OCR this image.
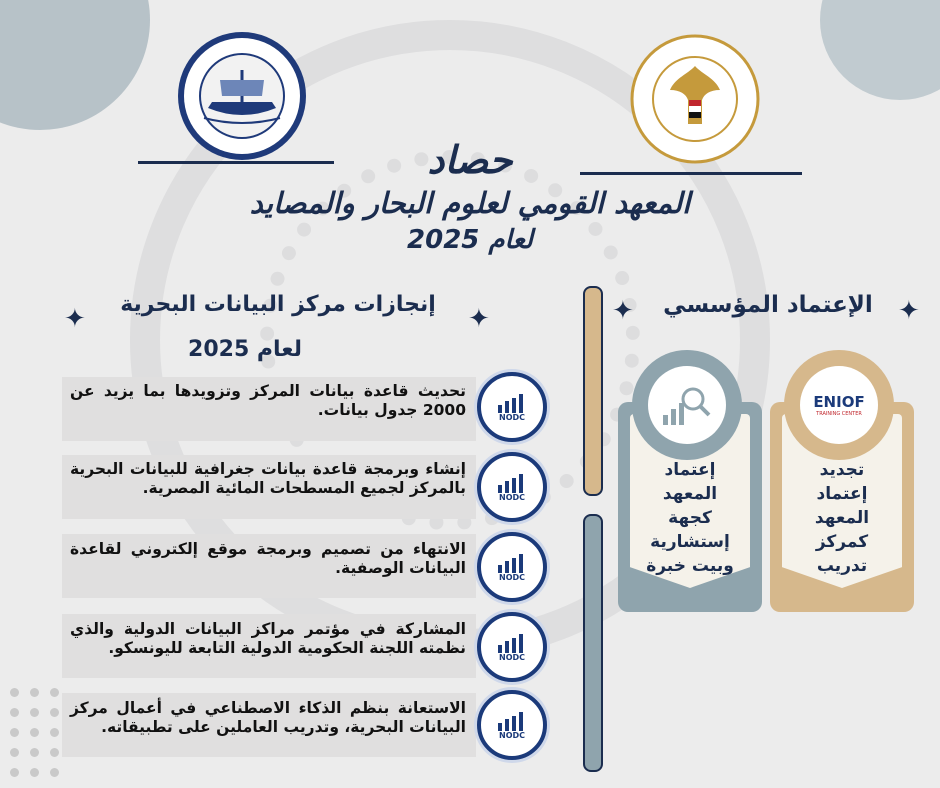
حصاد
المعهد القومي لعلوم البحار والمصايد
لعام 2025
✦	✦
إنجازات مركز البيانات البحرية
لعام 2025
تحديث قاعدة بيانات المركز وتزويدها بما يزيد عن 2000 جدول بيانات.
إنشاء وبرمجة قاعدة بيانات جغرافية للبيانات البحرية بالمركز لجميع المسطحات المائية المصرية.
الانتهاء من تصميم وبرمجة موقع إلكتروني لقاعدة البيانات الوصفية.
المشاركة في مؤتمر مراكز البيانات الدولية والذي نظمته اللجنة الحكومية الدولية التابعة لليونسكو.
الاستعانة بنظم الذكاء الاصطناعي في أعمال مركز البيانات البحرية، وتدريب العاملين على تطبيقاته.
NODC
NODC
NODC
NODC
NODC
✦	✦
الإعتماد المؤسسي
ENIOF
TRAINING CENTER
تجديد
إعتماد
المعهد
كمركز
تدريب
إعتماد
المعهد
كجهة
إستشارية
وبيت خبرة
